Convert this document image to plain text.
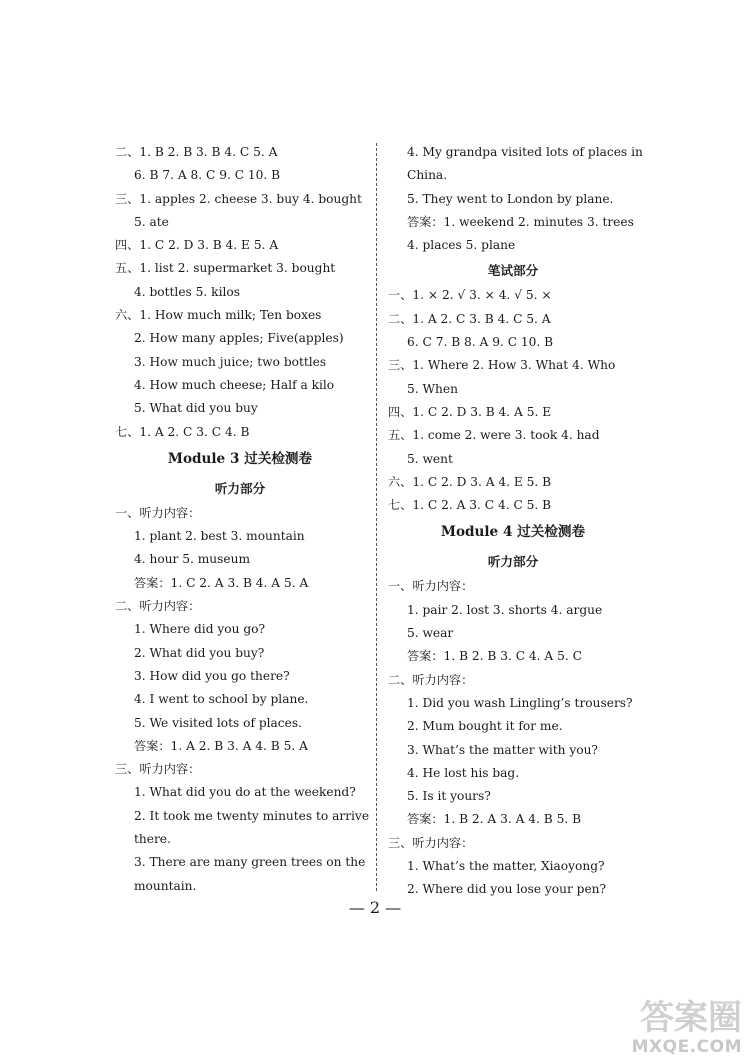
二、1. B 2. B 3. B 4. C 5. A
6. B 7. A 8. C 9. C 10. B
三、1. apples 2. cheese 3. buy 4. bought
5. ate
四、1. C 2. D 3. B 4. E 5. A
五、1. list 2. supermarket 3. bought
4. bottles 5. kilos
六、1. How much milk; Ten boxes
2. How many apples; Five(apples)
3. How much juice; two bottles
4. How much cheese; Half a kilo
5. What did you buy
七、1. A 2. C 3. C 4. B
Module 3 过关检测卷
听力部分
一、听力内容：
1. plant 2. best 3. mountain
4. hour 5. museum
答案：1. C 2. A 3. B 4. A 5. A
二、听力内容：
1. Where did you go?
2. What did you buy?
3. How did you go there?
4. I went to school by plane.
5. We visited lots of places.
答案：1. A 2. B 3. A 4. B 5. A
三、听力内容：
1. What did you do at the weekend?
2. It took me twenty minutes to arrive
there.
3. There are many green trees on the
mountain.
4. My grandpa visited lots of places in
China.
5. They went to London by plane.
答案：1. weekend 2. minutes 3. trees
4. places 5. plane
笔试部分
一、1. × 2. √ 3. × 4. √ 5. ×
二、1. A 2. C 3. B 4. C 5. A
6. C 7. B 8. A 9. C 10. B
三、1. Where 2. How 3. What 4. Who
5. When
四、1. C 2. D 3. B 4. A 5. E
五、1. come 2. were 3. took 4. had
5. went
六、1. C 2. D 3. A 4. E 5. B
七、1. C 2. A 3. C 4. C 5. B
Module 4 过关检测卷
听力部分
一、听力内容：
1. pair 2. lost 3. shorts 4. argue
5. wear
答案：1. B 2. B 3. C 4. A 5. C
二、听力内容：
1. Did you wash Lingling’s trousers?
2. Mum bought it for me.
3. What’s the matter with you?
4. He lost his bag.
5. Is it yours?
答案：1. B 2. A 3. A 4. B 5. B
三、听力内容：
1. What’s the matter, Xiaoyong?
2. Where did you lose your pen?
— 2 —
答案圈
MXQE.COM
